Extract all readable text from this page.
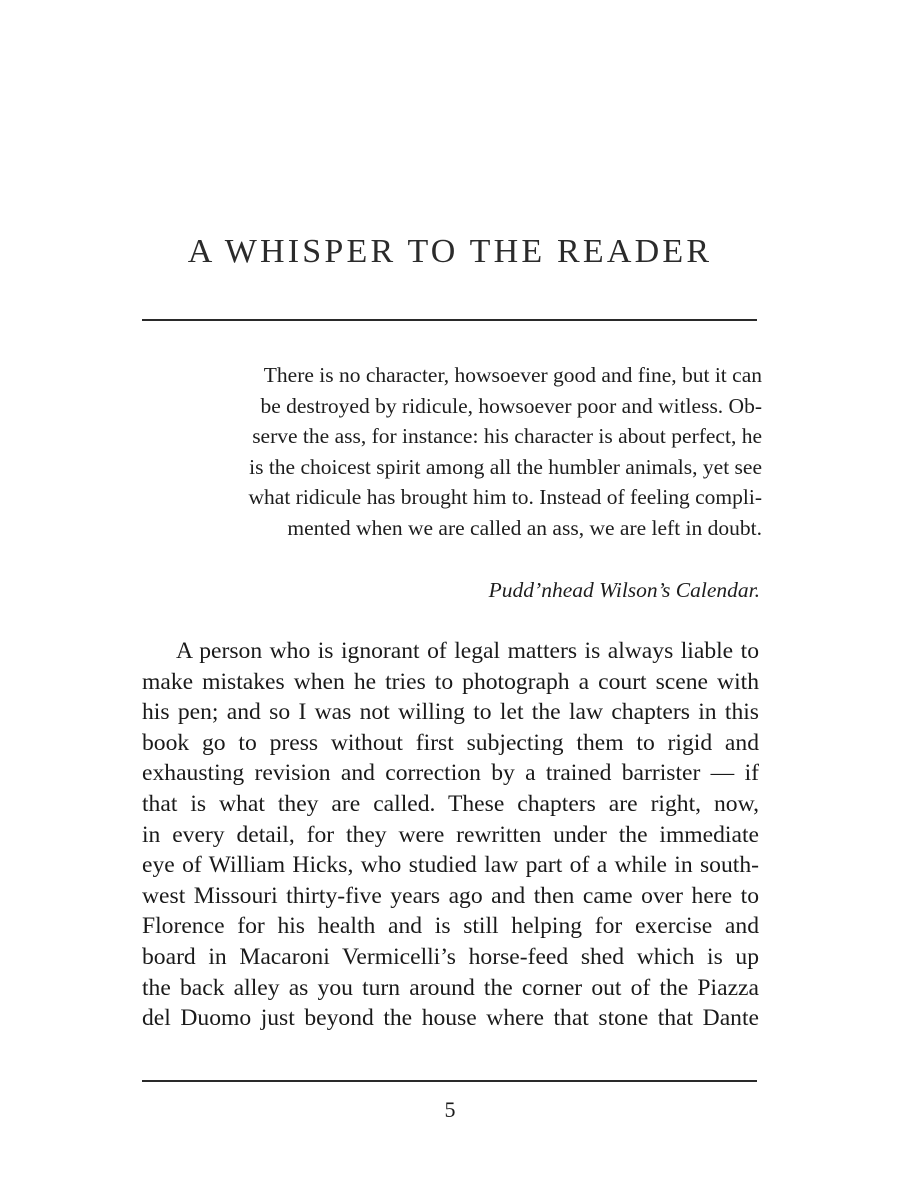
A WHISPER TO THE READER
There is no character, howsoever good and fine, but it can
be destroyed by ridicule, howsoever poor and witless. Ob-
serve the ass, for instance: his character is about perfect, he
is the choicest spirit among all the humbler animals, yet see
what ridicule has brought him to. Instead of feeling compli-
mented when we are called an ass, we are left in doubt.
Pudd’nhead Wilson’s Calendar.
A person who is ignorant of legal matters is always liable to
make mistakes when he tries to photograph a court scene with
his pen; and so I was not willing to let the law chapters in this
book go to press without first subjecting them to rigid and
exhausting revision and correction by a trained barrister — if
that is what they are called. These chapters are right, now,
in every detail, for they were rewritten under the immediate
eye of William Hicks, who studied law part of a while in south-
west Missouri thirty-five years ago and then came over here to
Florence for his health and is still helping for exercise and
board in Macaroni Vermicelli’s horse-feed shed which is up
the back alley as you turn around the corner out of the Piazza
del Duomo just beyond the house where that stone that Dante
5
